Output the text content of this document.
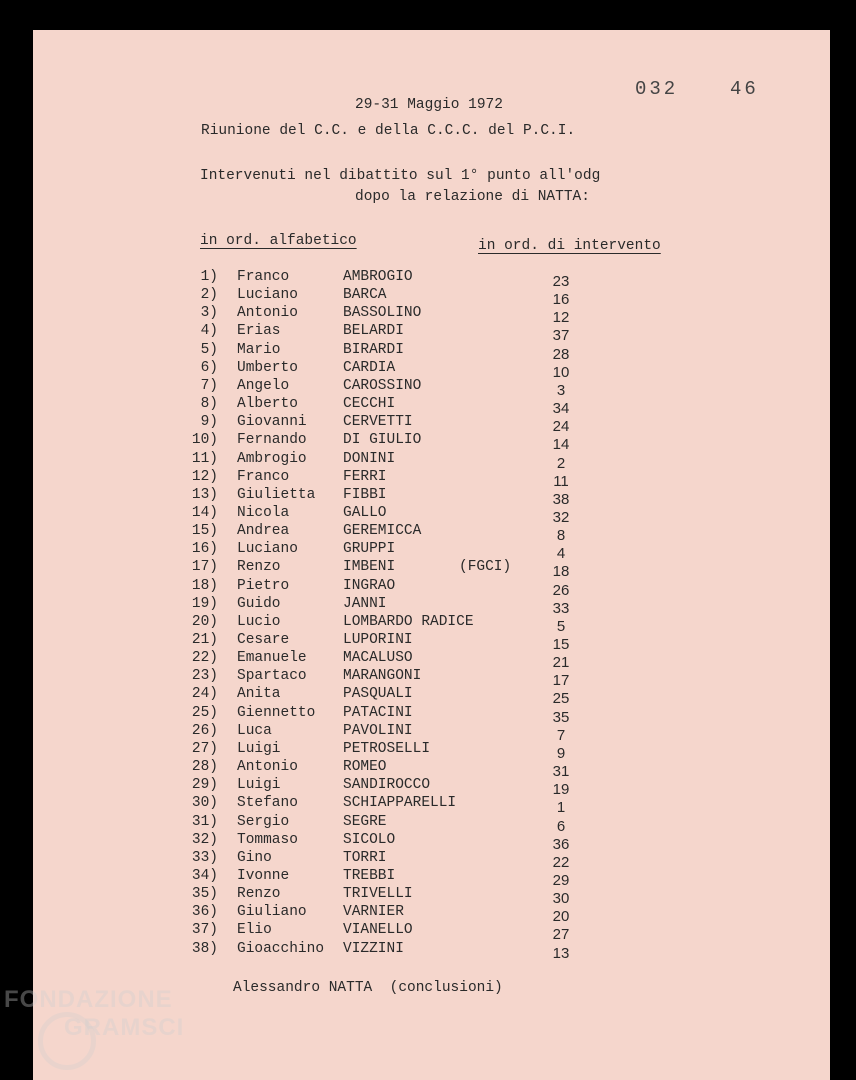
032	46
29-31 Maggio 1972
Riunione del C.C. e della C.C.C. del P.C.I.
Intervenuti nel dibattito sul 1° punto all'odg
dopo la relazione di NATTA:
in ord. alfabetico	in ord. di intervento
1) Franco	AMBROGIO	23
2) Luciano	BARCA	16
3) Antonio	BASSOLINO	12
4) Erias	BELARDI	37
5) Mario	BIRARDI	28
6) Umberto	CARDIA	10
7) Angelo	CAROSSINO	3
8) Alberto	CECCHI	34
9) Giovanni	CERVETTI	24
10) Fernando	DI GIULIO	14
11) Ambrogio	DONINI	2
12) Franco	FERRI	11
13) Giulietta FIBBI	38
14) Nicola	GALLO	32
15) Andrea	GEREMICCA	8
16) Luciano	GRUPPI	4
17) Renzo	IMBENI	(FGCI)	18
18) Pietro	INGRAO	26
19) Guido	JANNI	33
20) Lucio	LOMBARDO RADICE	5
21) Cesare	LUPORINI	15
22) Emanuele	MACALUSO	21
23) Spartaco	MARANGONI	17
24) Anita	PASQUALI	25
25) Giennetto PATACINI	35
26) Luca	PAVOLINI	7
27) Luigi	PETROSELLI	9
28) Antonio	ROMEO	31
29) Luigi	SANDIROCCO	19
30) Stefano	SCHIAPPARELLI	1
31) Sergio	SEGRE	6
32) Tommaso	SICOLO	36
33) Gino	TORRI	22
34) Ivonne	TREBBI	29
35) Renzo	TRIVELLI	30
36) Giuliano	VARNIER	20
37) Elio	VIANELLO	27
38) Gioacchino VIZZINI	13
Alessandro NATTA  (conclusioni)
FONDAZIONE
GRAMSCI
